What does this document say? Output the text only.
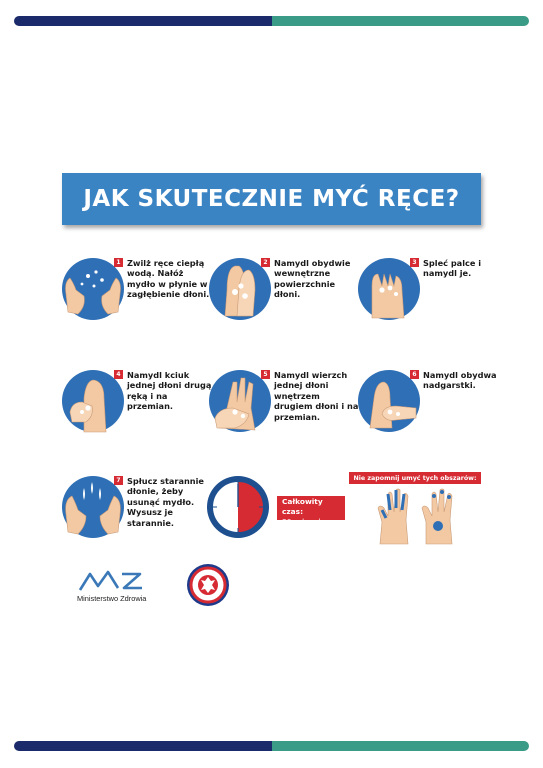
JAK SKUTECZNIE MYĆ RĘCE?
1 Zwilż ręce ciepłą wodą. Nałóż mydło w płynie w zagłębienie dłoni.
2 Namydl obydwie wewnętrzne powierzchnie dłoni.
3 Spleć palce i namydl je.
4 Namydl kciuk jednej dłoni drugą ręką i na przemian.
5 Namydl wierzch jednej dłoni wnętrzem drugiem dłoni i na przemian.
6 Namydl obydwa nadgarstki.
7 Spłucz starannie dłonie, żeby usunąć mydło. Wysusz je starannie.
Całkowity czas:
30 sekund
Nie zapomnij umyć tych obszarów:
Ministerstwo Zdrowia
